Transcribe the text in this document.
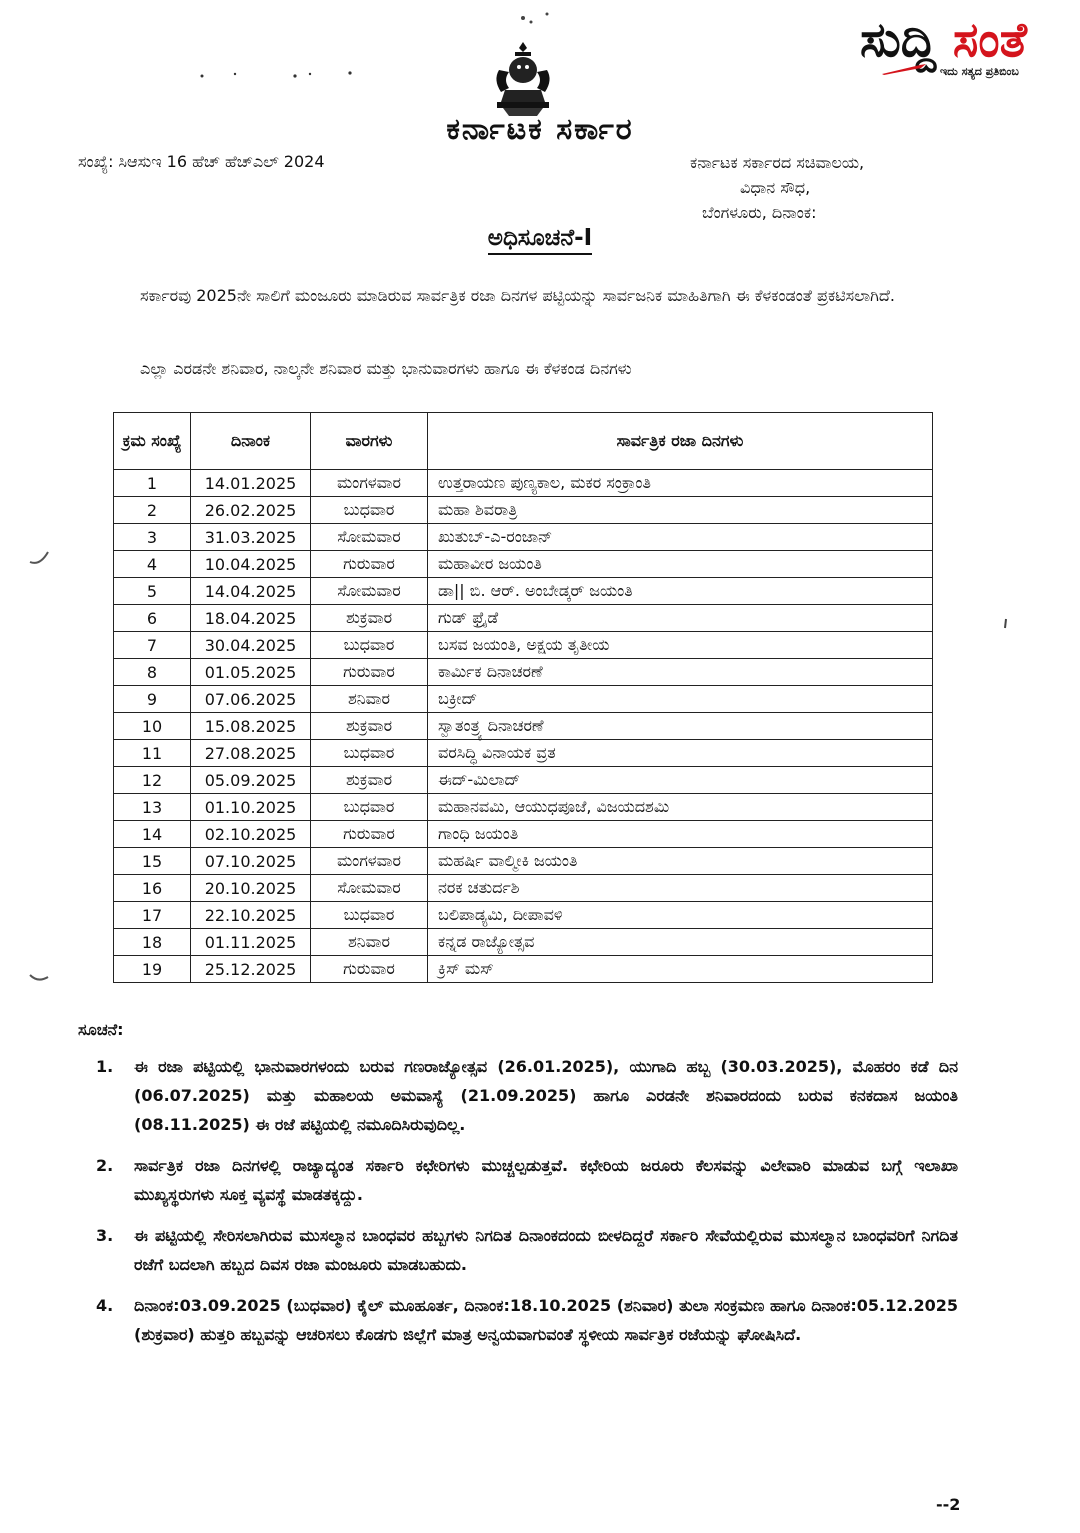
ಸುದ್ದಿ ಸಂತೆ
ಇದು ಸತ್ಯದ ಪ್ರತಿಬಿಂಬ
ಕರ್ನಾಟಕ ಸರ್ಕಾರ
ಸಂಖ್ಯೆ: ಸಿಆಸುಇ 16 ಹೆಚ್ ಹೆಚ್‌ಎಲ್ 2024	ಕರ್ನಾಟಕ ಸರ್ಕಾರದ ಸಚಿವಾಲಯ,
ವಿಧಾನ ಸೌಧ,
ಬೆಂಗಳೂರು, ದಿನಾಂಕ:
ಅಧಿಸೂಚನೆ-I
ಸರ್ಕಾರವು 2025ನೇ ಸಾಲಿಗೆ ಮಂಜೂರು ಮಾಡಿರುವ ಸಾರ್ವತ್ರಿಕ ರಜಾ ದಿನಗಳ ಪಟ್ಟಿಯನ್ನು ಸಾರ್ವಜನಿಕ ಮಾಹಿತಿಗಾಗಿ ಈ ಕೆಳಕಂಡಂತೆ ಪ್ರಕಟಿಸಲಾಗಿದೆ.
ಎಲ್ಲಾ ಎರಡನೇ ಶನಿವಾರ, ನಾಲ್ಕನೇ ಶನಿವಾರ ಮತ್ತು ಭಾನುವಾರಗಳು ಹಾಗೂ ಈ ಕೆಳಕಂಡ ದಿನಗಳು
ಕ್ರಮ ಸಂಖ್ಯೆ	ದಿನಾಂಕ	ವಾರಗಳು	ಸಾರ್ವತ್ರಿಕ ರಜಾ ದಿನಗಳು
1	14.01.2025	ಮಂಗಳವಾರ	ಉತ್ತರಾಯಣ ಪುಣ್ಯಕಾಲ, ಮಕರ ಸಂಕ್ರಾಂತಿ
2	26.02.2025	ಬುಧವಾರ	ಮಹಾ ಶಿವರಾತ್ರಿ
3	31.03.2025	ಸೋಮವಾರ	ಖುತುಬ್-ಎ-ರಂಜಾನ್
4	10.04.2025	ಗುರುವಾರ	ಮಹಾವೀರ ಜಯಂತಿ
5	14.04.2025	ಸೋಮವಾರ	ಡಾ|| ಬಿ. ಆರ್. ಅಂಬೇಡ್ಕರ್ ಜಯಂತಿ
6	18.04.2025	ಶುಕ್ರವಾರ	ಗುಡ್ ಫ್ರೈಡೆ
7	30.04.2025	ಬುಧವಾರ	ಬಸವ ಜಯಂತಿ, ಅಕ್ಷಯ ತೃತೀಯ
8	01.05.2025	ಗುರುವಾರ	ಕಾರ್ಮಿಕ ದಿನಾಚರಣೆ
9	07.06.2025	ಶನಿವಾರ	ಬಕ್ರೀದ್
10	15.08.2025	ಶುಕ್ರವಾರ	ಸ್ವಾತಂತ್ರ್ಯ ದಿನಾಚರಣೆ
11	27.08.2025	ಬುಧವಾರ	ವರಸಿದ್ಧಿ ವಿನಾಯಕ ವ್ರತ
12	05.09.2025	ಶುಕ್ರವಾರ	ಈದ್-ಮಿಲಾದ್
13	01.10.2025	ಬುಧವಾರ	ಮಹಾನವಮಿ, ಆಯುಧಪೂಜೆ, ವಿಜಯದಶಮಿ
14	02.10.2025	ಗುರುವಾರ	ಗಾಂಧಿ ಜಯಂತಿ
15	07.10.2025	ಮಂಗಳವಾರ	ಮಹರ್ಷಿ ವಾಲ್ಮೀಕಿ ಜಯಂತಿ
16	20.10.2025	ಸೋಮವಾರ	ನರಕ ಚತುರ್ದಶಿ
17	22.10.2025	ಬುಧವಾರ	ಬಲಿಪಾಡ್ಯಮಿ, ದೀಪಾವಳಿ
18	01.11.2025	ಶನಿವಾರ	ಕನ್ನಡ ರಾಜ್ಯೋತ್ಸವ
19	25.12.2025	ಗುರುವಾರ	ಕ್ರಿಸ್ ಮಸ್
ಸೂಚನೆ:
1. ಈ ರಜಾ ಪಟ್ಟಿಯಲ್ಲಿ ಭಾನುವಾರಗಳಂದು ಬರುವ ಗಣರಾಜ್ಯೋತ್ಸವ (26.01.2025), ಯುಗಾದಿ ಹಬ್ಬ (30.03.2025), ಮೊಹರಂ ಕಡೆ ದಿನ (06.07.2025) ಮತ್ತು ಮಹಾಲಯ ಅಮವಾಸ್ಯೆ (21.09.2025) ಹಾಗೂ ಎರಡನೇ ಶನಿವಾರದಂದು ಬರುವ ಕನಕದಾಸ ಜಯಂತಿ (08.11.2025) ಈ ರಜೆ ಪಟ್ಟಿಯಲ್ಲಿ ನಮೂದಿಸಿರುವುದಿಲ್ಲ.
2. ಸಾರ್ವತ್ರಿಕ ರಜಾ ದಿನಗಳಲ್ಲಿ ರಾಜ್ಯಾದ್ಯಂತ ಸರ್ಕಾರಿ ಕಛೇರಿಗಳು ಮುಚ್ಚಲ್ಪಡುತ್ತವೆ. ಕಛೇರಿಯ ಜರೂರು ಕೆಲಸವನ್ನು ವಿಲೇವಾರಿ ಮಾಡುವ ಬಗ್ಗೆ ಇಲಾಖಾ ಮುಖ್ಯಸ್ಥರುಗಳು ಸೂಕ್ತ ವ್ಯವಸ್ಥೆ ಮಾಡತಕ್ಕದ್ದು.
3. ಈ ಪಟ್ಟಿಯಲ್ಲಿ ಸೇರಿಸಲಾಗಿರುವ ಮುಸಲ್ಮಾನ ಬಾಂಧವರ ಹಬ್ಬಗಳು ನಿಗದಿತ ದಿನಾಂಕದಂದು ಬೀಳದಿದ್ದರೆ ಸರ್ಕಾರಿ ಸೇವೆಯಲ್ಲಿರುವ ಮುಸಲ್ಮಾನ ಬಾಂಧವರಿಗೆ ನಿಗದಿತ ರಜೆಗೆ ಬದಲಾಗಿ ಹಬ್ಬದ ದಿವಸ ರಜಾ ಮಂಜೂರು ಮಾಡಬಹುದು.
4. ದಿನಾಂಕ:03.09.2025 (ಬುಧವಾರ) ಕೈಲ್ ಮೂಹೂರ್ತ, ದಿನಾಂಕ:18.10.2025 (ಶನಿವಾರ) ತುಲಾ ಸಂಕ್ರಮಣ ಹಾಗೂ ದಿನಾಂಕ:05.12.2025 (ಶುಕ್ರವಾರ) ಹುತ್ತರಿ ಹಬ್ಬವನ್ನು ಆಚರಿಸಲು ಕೊಡಗು ಜಿಲ್ಲೆಗೆ ಮಾತ್ರ ಅನ್ವಯವಾಗುವಂತೆ ಸ್ಥಳೀಯ ಸಾರ್ವತ್ರಿಕ ರಜೆಯನ್ನು ಘೋಷಿಸಿದೆ.
--2
